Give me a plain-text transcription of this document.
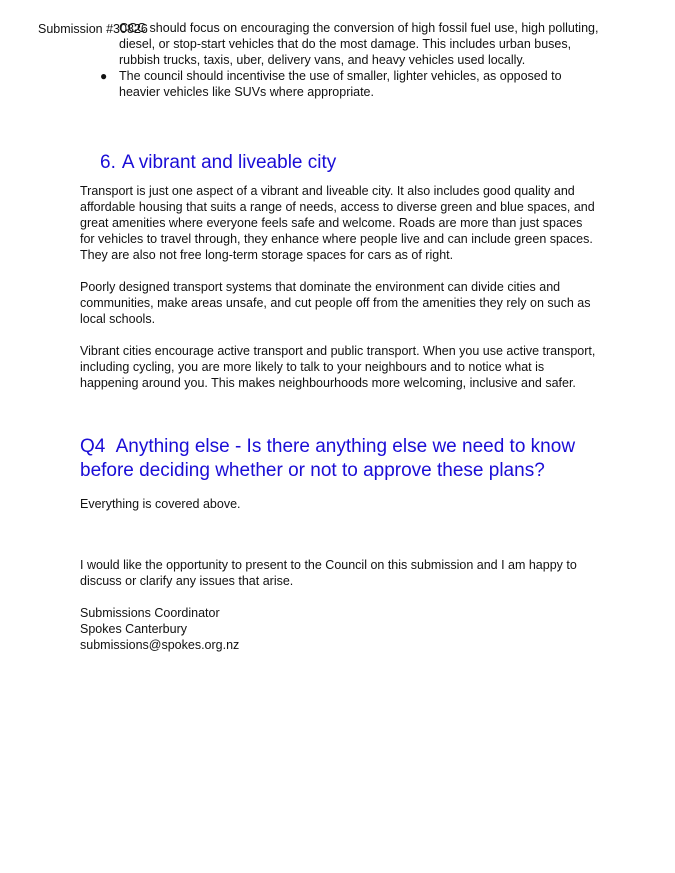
Submission #30826
CCC should focus on encouraging the conversion of high fossil fuel use, high polluting, diesel, or stop-start vehicles that do the most damage. This includes urban buses, rubbish trucks, taxis, uber, delivery vans, and heavy vehicles used locally.
● The council should incentivise the use of smaller, lighter vehicles, as opposed to heavier vehicles like SUVs where appropriate.
6. A vibrant and liveable city

Transport is just one aspect of a vibrant and liveable city. It also includes good quality and affordable housing that suits a range of needs, access to diverse green and blue spaces, and great amenities where everyone feels safe and welcome. Roads are more than just spaces for vehicles to travel through, they enhance where people live and can include green spaces. They are also not free long-term storage spaces for cars as of right.

Poorly designed transport systems that dominate the environment can divide cities and communities, make areas unsafe, and cut people off from the amenities they rely on such as local schools.

Vibrant cities encourage active transport and public transport. When you use active transport, including cycling, you are more likely to talk to your neighbours and to notice what is happening around you. This makes neighbourhoods more welcoming, inclusive and safer.

Q4 Anything else - Is there anything else we need to know before deciding whether or not to approve these plans?

Everything is covered above.

I would like the opportunity to present to the Council on this submission and I am happy to discuss or clarify any issues that arise.

Submissions Coordinator
Spokes Canterbury
submissions@spokes.org.nz
